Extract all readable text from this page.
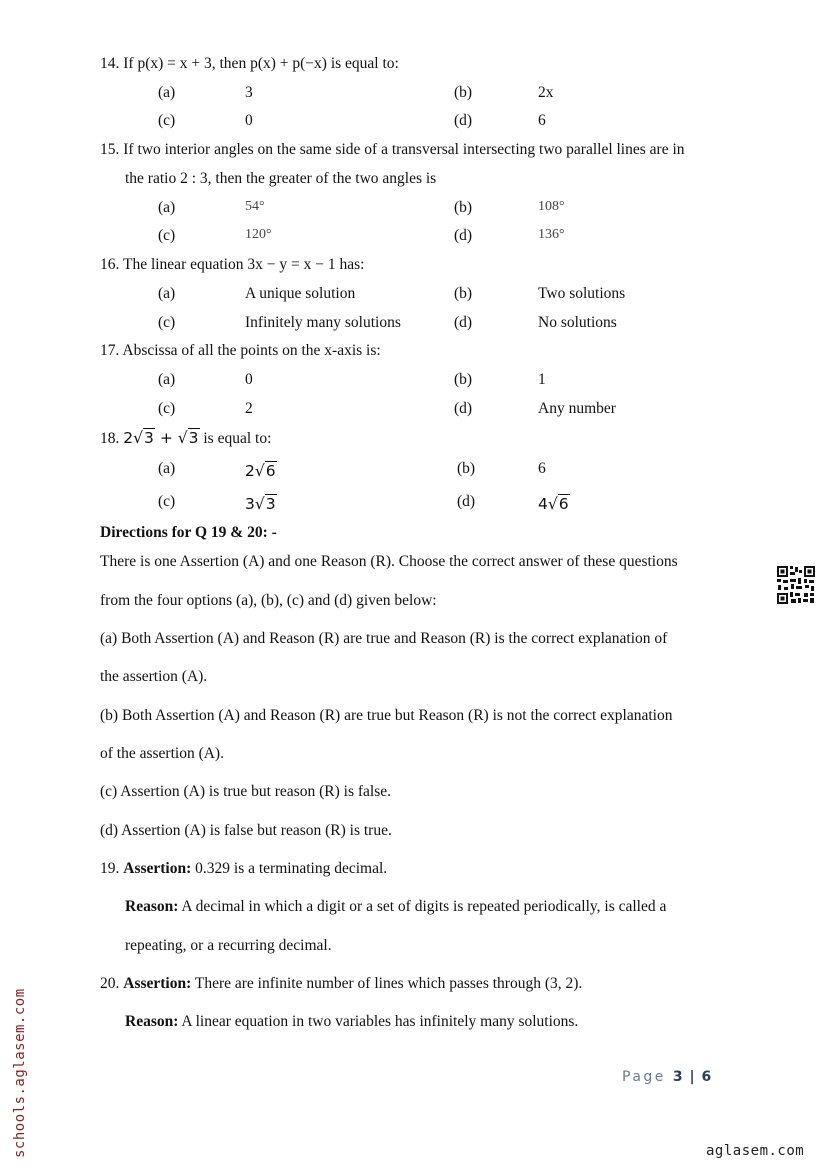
14. If p(x) = x + 3, then p(x) + p(−x) is equal to:
(a)	3	(b)	2x
(c)	0	(d)	6
15. If two interior angles on the same side of a transversal intersecting two parallel lines are in
the ratio 2 : 3, then the greater of the two angles is
(a)	54°	(b)	108°
(c)	120°	(d)	136°
16. The linear equation 3x − y = x − 1 has:
(a)	A unique solution	(b)	Two solutions
(c)	Infinitely many solutions	(d)	No solutions
17. Abscissa of all the points on the x-axis is:
(a)	0	(b)	1
(c)	2	(d)	Any number
18. 2√3 + √3 is equal to:
(a)	2√6	(b)	6
(c)	3√3	(d)	4√6
Directions for Q 19 & 20: -
There is one Assertion (A) and one Reason (R). Choose the correct answer of these questions
from the four options (a), (b), (c) and (d) given below:
(a) Both Assertion (A) and Reason (R) are true and Reason (R) is the correct explanation of
the assertion (A).
(b) Both Assertion (A) and Reason (R) are true but Reason (R) is not the correct explanation
of the assertion (A).
(c) Assertion (A) is true but reason (R) is false.
(d) Assertion (A) is false but reason (R) is true.
19. Assertion: 0.329 is a terminating decimal.
Reason: A decimal in which a digit or a set of digits is repeated periodically, is called a
repeating, or a recurring decimal.
20. Assertion: There are infinite number of lines which passes through (3, 2).
Reason: A linear equation in two variables has infinitely many solutions.
Page 3 | 6
schools.aglasem.com	aglasem.com
